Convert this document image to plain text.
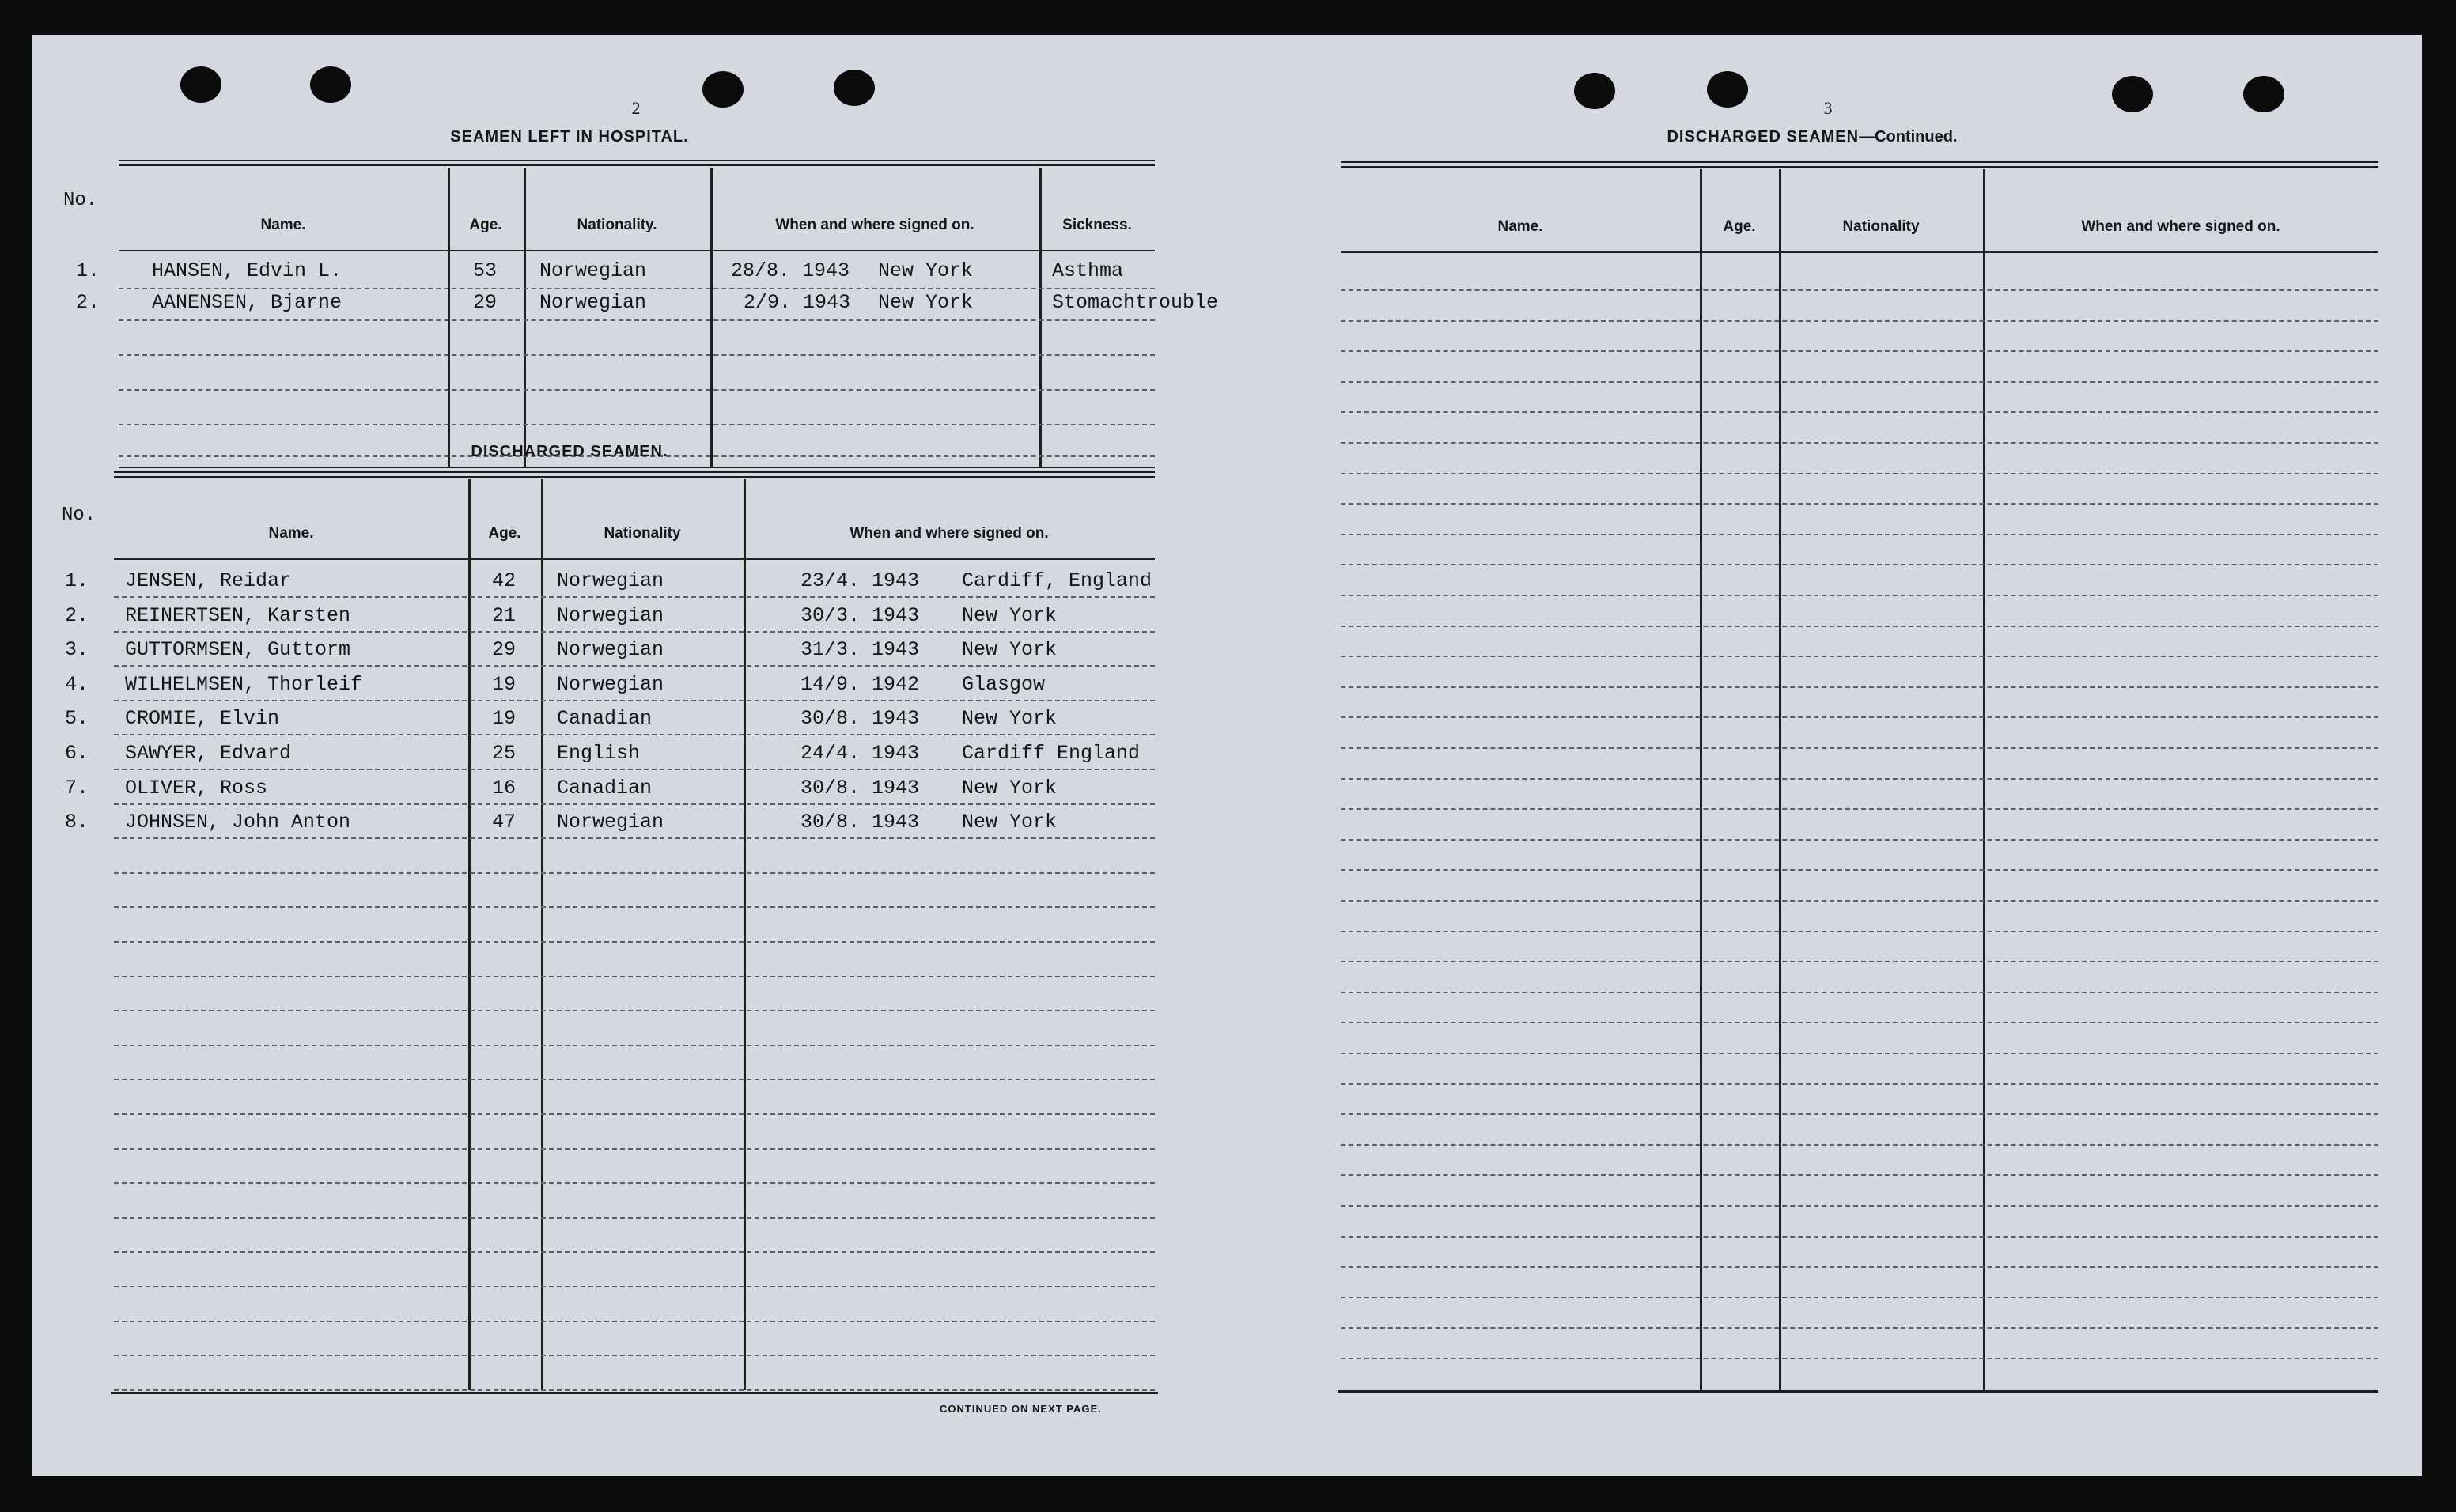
2
SEAMEN LEFT IN HOSPITAL.
No.
Name.	Age.	Nationality.	When and where signed on.	Sickness.
1.	HANSEN, Edvin L.	53 Norwegian	28/8. 1943 New York	Asthma
2.	AANENSEN, Bjarne	29 Norwegian	2/9. 1943 New York	Stomachtrouble
DISCHARGED SEAMEN.
No.
Name.	Age.	Nationality	When and where signed on.
1. JENSEN, Reidar	42 Norwegian	23/4. 1943 Cardiff, England
2. REINERTSEN, Karsten	21 Norwegian	30/3. 1943 New York
3. GUTTORMSEN, Guttorm	29 Norwegian	31/3. 1943 New York
4. WILHELMSEN, Thorleif	19 Norwegian	14/9. 1942 Glasgow
5. CROMIE, Elvin	19 Canadian	30/8. 1943 New York
6. SAWYER, Edvard	25 English	24/4. 1943 Cardiff England
7. OLIVER, Ross	16 Canadian	30/8. 1943 New York
8. JOHNSEN, John Anton	47 Norwegian	30/8. 1943 New York
CONTINUED ON NEXT PAGE.
3
DISCHARGED SEAMEN—Continued.
Name.	Age.	Nationality	When and where signed on.
